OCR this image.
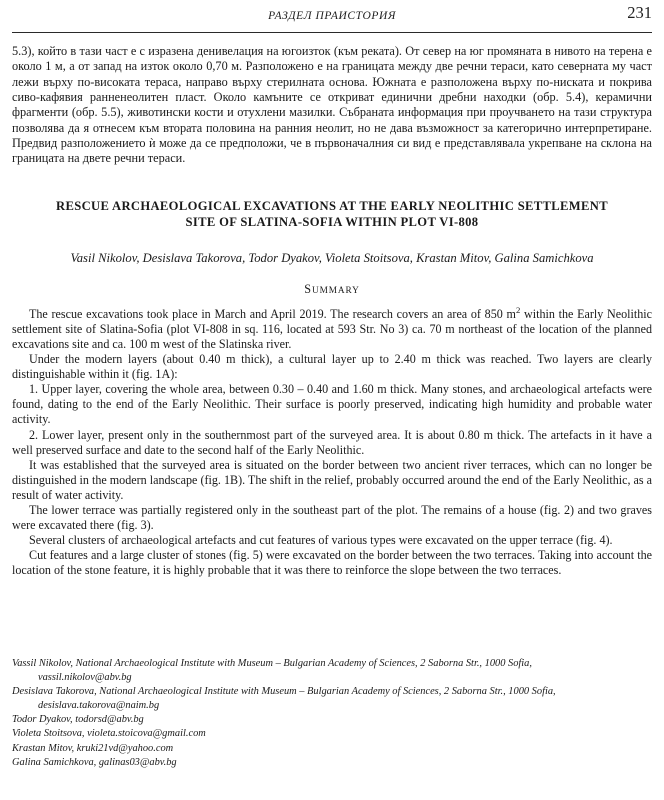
РАЗДЕЛ ПРАИСТОРИЯ	231

5.3), който в тази част е с изразена денивелация на югоизток (към реката). От север на юг промяната в нивото на терена е около 1 м, а от запад на изток около 0,70 м. Разположено е на границата между две речни тераси, като северната му част лежи върху по-високата тераса, направо върху стерилната основа. Южната е разположена върху по-ниската и покрива сиво-кафявия ранненеолитен пласт. Около камъните се откриват единични дребни находки (обр. 5.4), керамични фрагменти (обр. 5.5), животински кости и отухлени мазилки. Събраната информация при проучването на тази структура позволява да я отнесем към втората половина на ранния неолит, но не дава възможност за категорично интерпретиране. Предвид разположението ѝ може да се предположи, че в първоначалния си вид е представлявала укрепване на склона на границата на двете речни тераси.

RESCUE ARCHAEOLOGICAL EXCAVATIONS AT THE EARLY NEOLITHIC SETTLEMENT
SITE OF SLATINA-SOFIA WITHIN PLOT VI-808
Vasil Nikolov, Desislava Takorova, Todor Dyakov, Violeta Stoitsova, Krastan Mitov, Galina Samichkova
SUMMARY

The rescue excavations took place in March and April 2019. The research covers an area of 850 $m^2$ within the Early Neolithic settlement site of Slatina-Sofia (plot VI-808 in sq. 116, located at 593 Str. No 3) ca. 70 m northeast of the location of the planned excavations site and ca. 100 m west of the Slatinska river.

Under the modern layers (about 0.40 m thick), a cultural layer up to 2.40 m thick was reached. Two layers are clearly distinguishable within it (fig. 1A):

1. Upper layer, covering the whole area, between 0.30 – 0.40 and 1.60 m thick. Many stones, and archaeological artefacts were found, dating to the end of the Early Neolithic. Their surface is poorly preserved, indicating high humidity and probable water activity.

2. Lower layer, present only in the southernmost part of the surveyed area. It is about 0.80 m thick. The artefacts in it have a well preserved surface and date to the second half of the Early Neolithic.

It was established that the surveyed area is situated on the border between two ancient river terraces, which can no longer be distinguished in the modern landscape (fig. 1B). The shift in the relief, probably occurred around the end of the Early Neolithic, as a result of water activity.

The lower terrace was partially registered only in the southeast part of the plot. The remains of a house (fig. 2) and two graves were excavated there (fig. 3).

Several clusters of archaeological artefacts and cut features of various types were excavated on the upper terrace (fig. 4).

Cut features and a large cluster of stones (fig. 5) were excavated on the border between the two terraces. Taking into account the location of the stone feature, it is highly probable that it was there to reinforce the slope between the two terraces.

Vassil Nikolov, National Archaeological Institute with Museum – Bulgarian Academy of Sciences, 2 Saborna Str., 1000 Sofia,
vassil.nikolov@abv.bg
Desislava Takorova, National Archaeological Institute with Museum – Bulgarian Academy of Sciences, 2 Saborna Str., 1000 Sofia,
desislava.takorova@naim.bg
Todor Dyakov, todorsd@abv.bg
Violeta Stoitsova, violeta.stoicova@gmail.com
Krastan Mitov, kruki21vd@yahoo.com
Galina Samichkova, galinas03@abv.bg
